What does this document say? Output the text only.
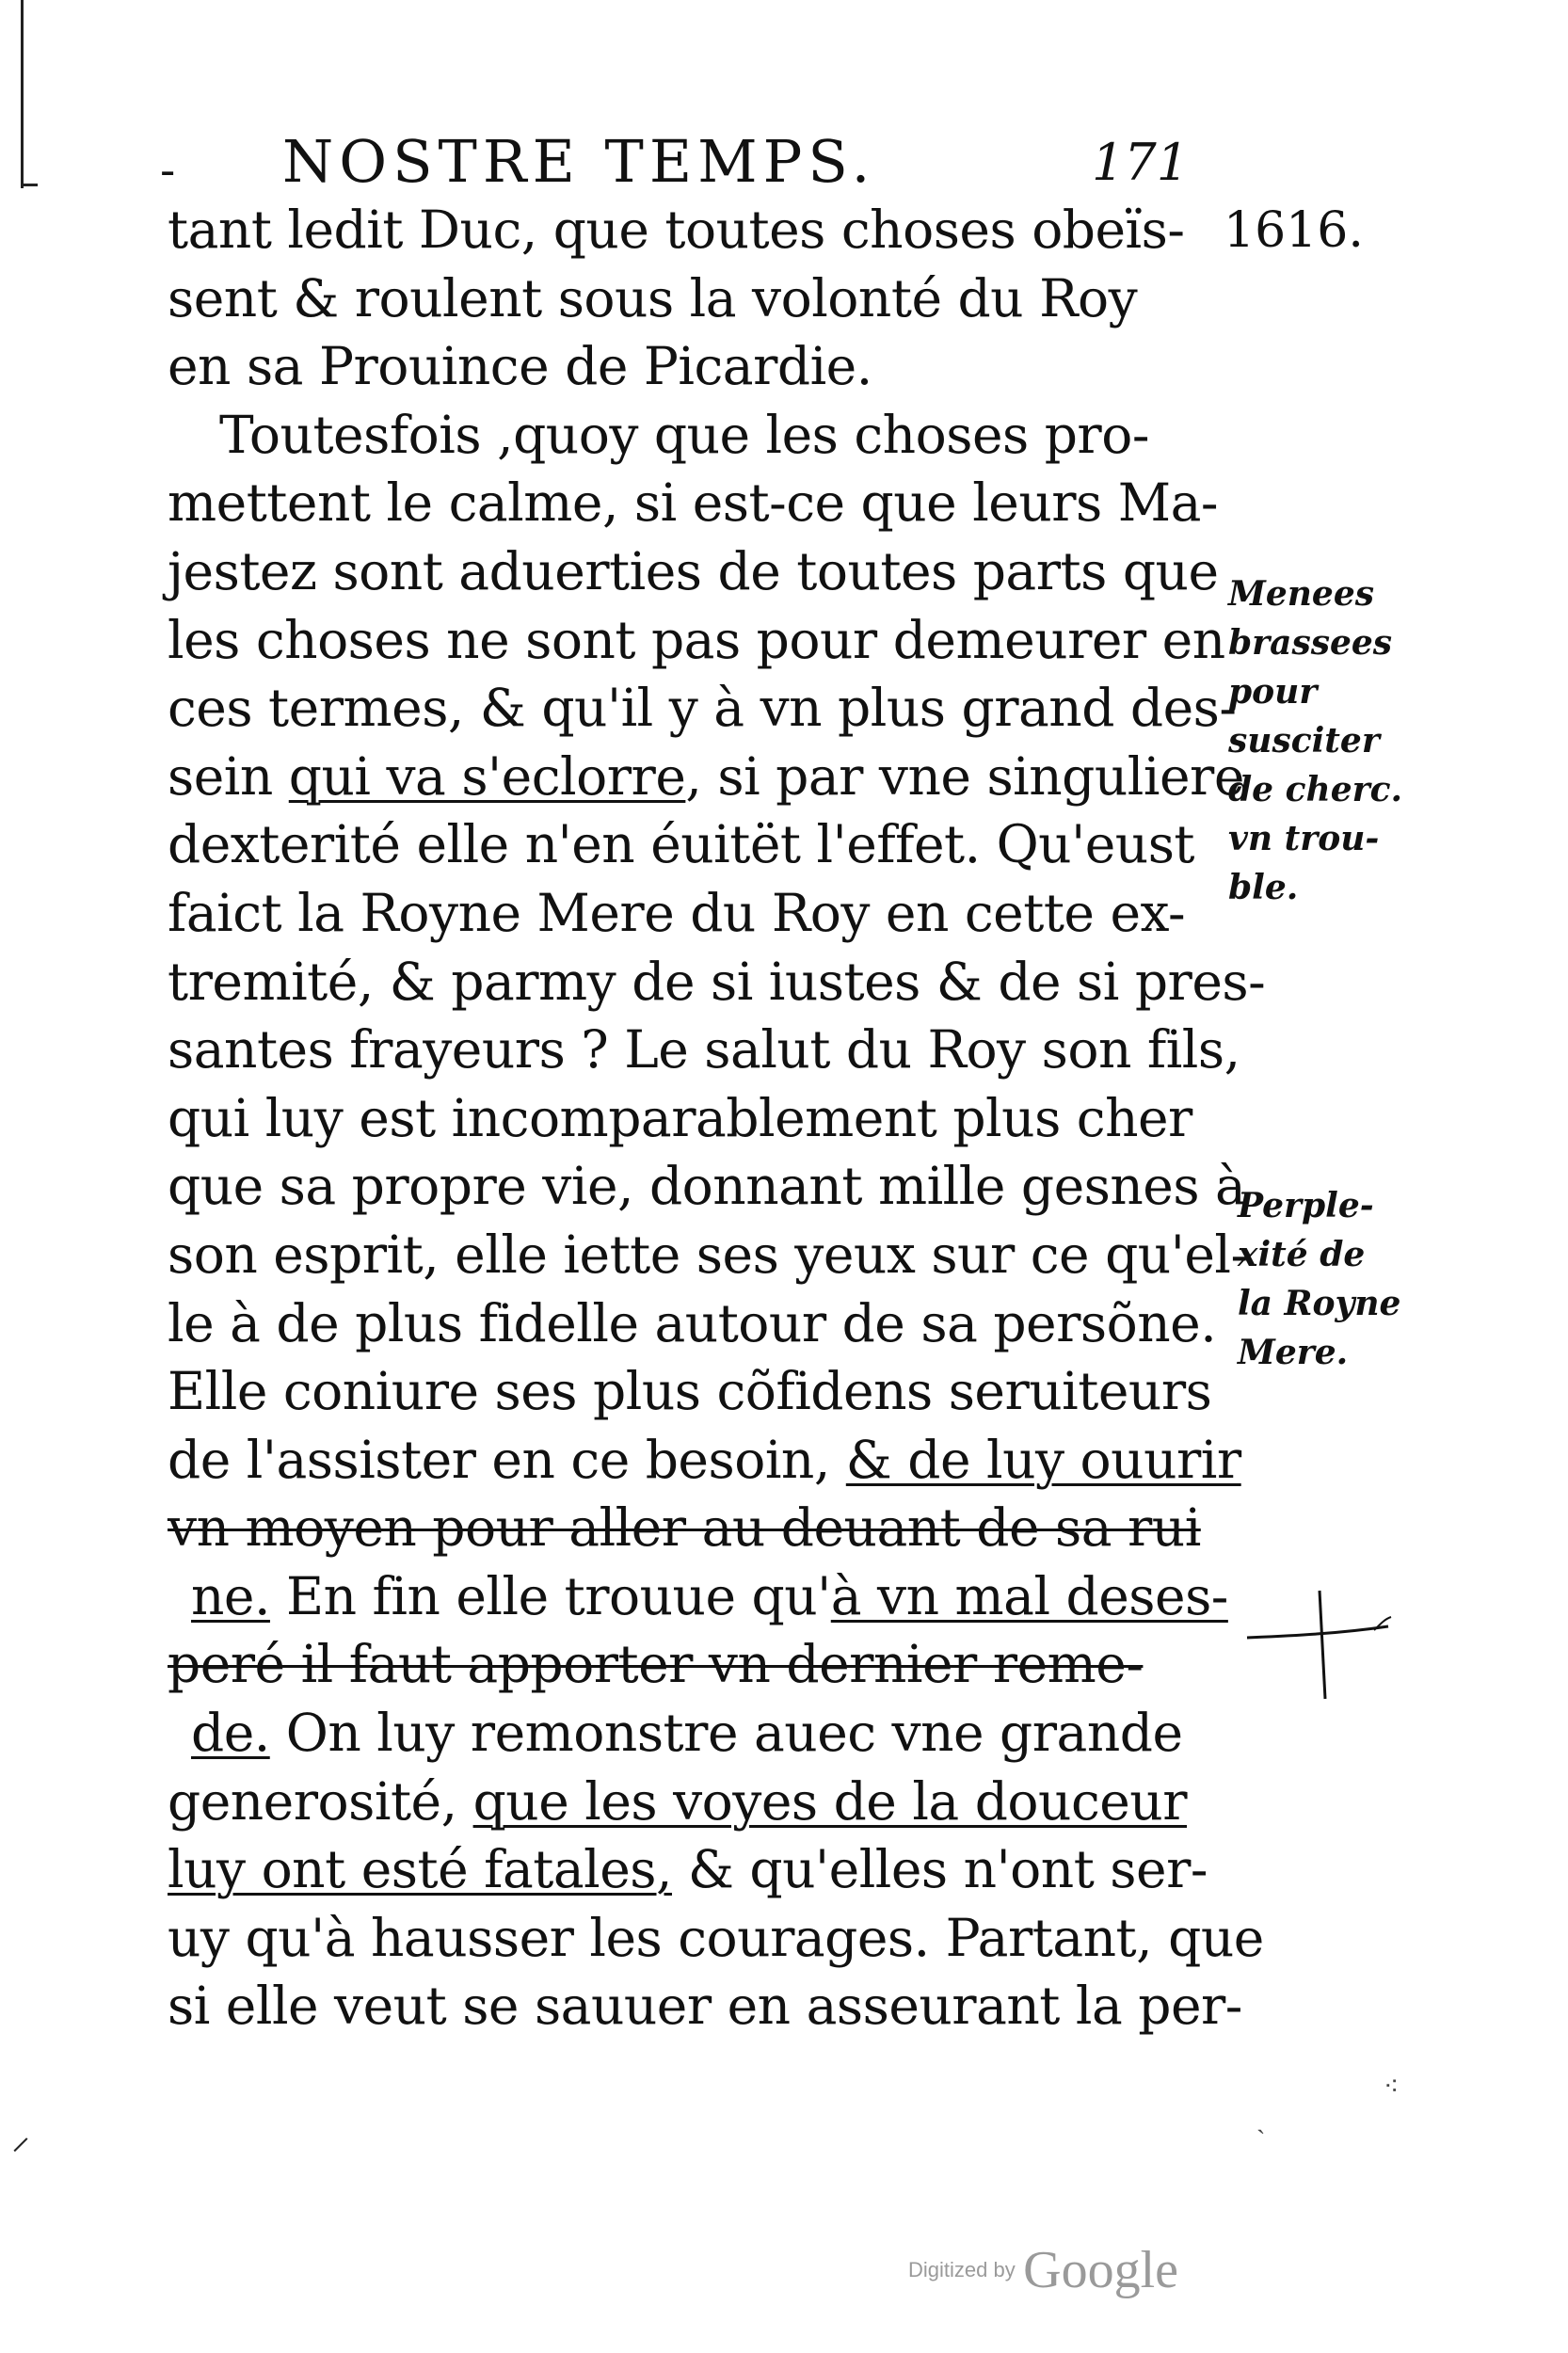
- NOSTRE TEMPS.	171
1616.
tant ledit Duc, que toutes choses obeïs-
sent & roulent sous la volonté du Roy
en sa Prouince de Picardie.
Toutesfois ,quoy que les choses pro-
mettent le calme, si est-ce que leurs Ma-
jestez sont aduerties de toutes parts que
les choses ne sont pas pour demeurer en
ces termes, & qu'il y à vn plus grand des-
sein qui va s'eclorre, si par vne singuliere
dexterité elle n'en éuitët l'effet. Qu'eust
faict la Royne Mere du Roy en cette ex-
tremité, & parmy de si iustes & de si pres-
santes frayeurs ? Le salut du Roy son fils,
qui luy est incomparablement plus cher
que sa propre vie, donnant mille gesnes à
son esprit, elle iette ses yeux sur ce qu'el-
le à de plus fidelle autour de sa persõne.
Elle coniure ses plus cõfidens seruiteurs
de l'assister en ce besoin, & de luy ouurir
vn moyen pour aller au deuant de sa rui
ne. En fin elle trouue qu'à vn mal deses-
peré il faut apporter vn dernier reme-
de. On luy remonstre auec vne grande
generosité, que les voyes de la douceur
luy ont esté fatales, & qu'elles n'ont ser-
uy qu'à hausser les courages. Partant, que
si elle veut se sauuer en asseurant la per-
Menees
brassees
pour
susciter
de cherc.
vn trou-
ble.
Perple-
xité de
la Royne
Mere.
⸝
⁖
ˏ
Digitized by Google
